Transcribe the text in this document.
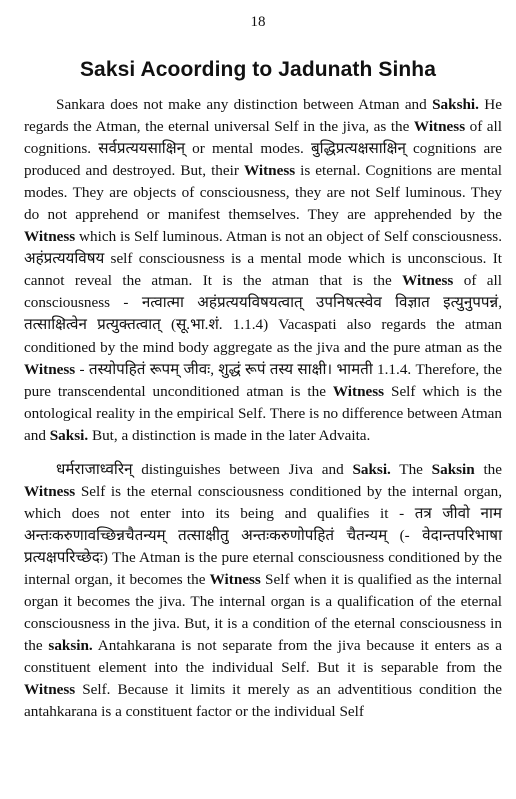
18
Saksi Acoording to Jadunath Sinha

Sankara does not make any distinction between Atman and Sakshi. He regards the Atman, the eternal universal Self in the jiva, as the Witness of all cognitions. सर्वप्रत्ययसाक्षिन् or mental modes. बुद्धिप्रत्यक्षसाक्षिन् cognitions are produced and destroyed. But, their Witness is eternal. Cognitions are mental modes. They are objects of consciousness, they are not Self luminous. They do not apprehend or manifest themselves. They are apprehended by the Witness which is Self luminous. Atman is not an object of Self consciousness. अहंप्रत्ययविषय self consciousness is a mental mode which is unconscious. It cannot reveal the atman. It is the atman that is the Witness of all consciousness - नत्वात्मा अहंप्रत्ययविषयत्वात् उपनिषत्स्वेव विज्ञात इत्युनुपपन्नं, तत्साक्षित्वेन प्रत्युक्तत्वात् (सू.भा.शं. 1.1.4) Vacaspati also regards the atman conditioned by the mind body aggregate as the jiva and the pure atman as the Witness - तस्योपहितं रूपम् जीवः, शुद्धं रूपं तस्य साक्षी। भामती 1.1.4. Therefore, the pure transcendental unconditioned atman is the Witness Self which is the ontological reality in the empirical Self. There is no difference between Atman and Saksi. But, a distinction is made in the later Advaita.

धर्मराजाध्वरिन् distinguishes between Jiva and Saksi. The Saksin the Witness Self is the eternal consciousness conditioned by the internal organ, which does not enter into its being and qualifies it - तत्र जीवो नाम अन्तःकरुणावच्छिन्नचैतन्यम् तत्साक्षीतु अन्तःकरुणोपहितं चैतन्यम् (- वेदान्तपरिभाषा प्रत्यक्षपरिच्छेदः) The Atman is the pure eternal consciousness conditioned by the internal organ, it becomes the Witness Self when it is qualified as the internal organ it becomes the jiva. The internal organ is a qualification of the eternal consciousness in the jiva. But, it is a condition of the eternal consciousness in the saksin. Antahkarana is not separate from the jiva because it enters as a constituent element into the individual Self. But it is separable from the Witness Self. Because it limits it merely as an adventitious condition the antahkarana is a constituent factor or the individual Self
